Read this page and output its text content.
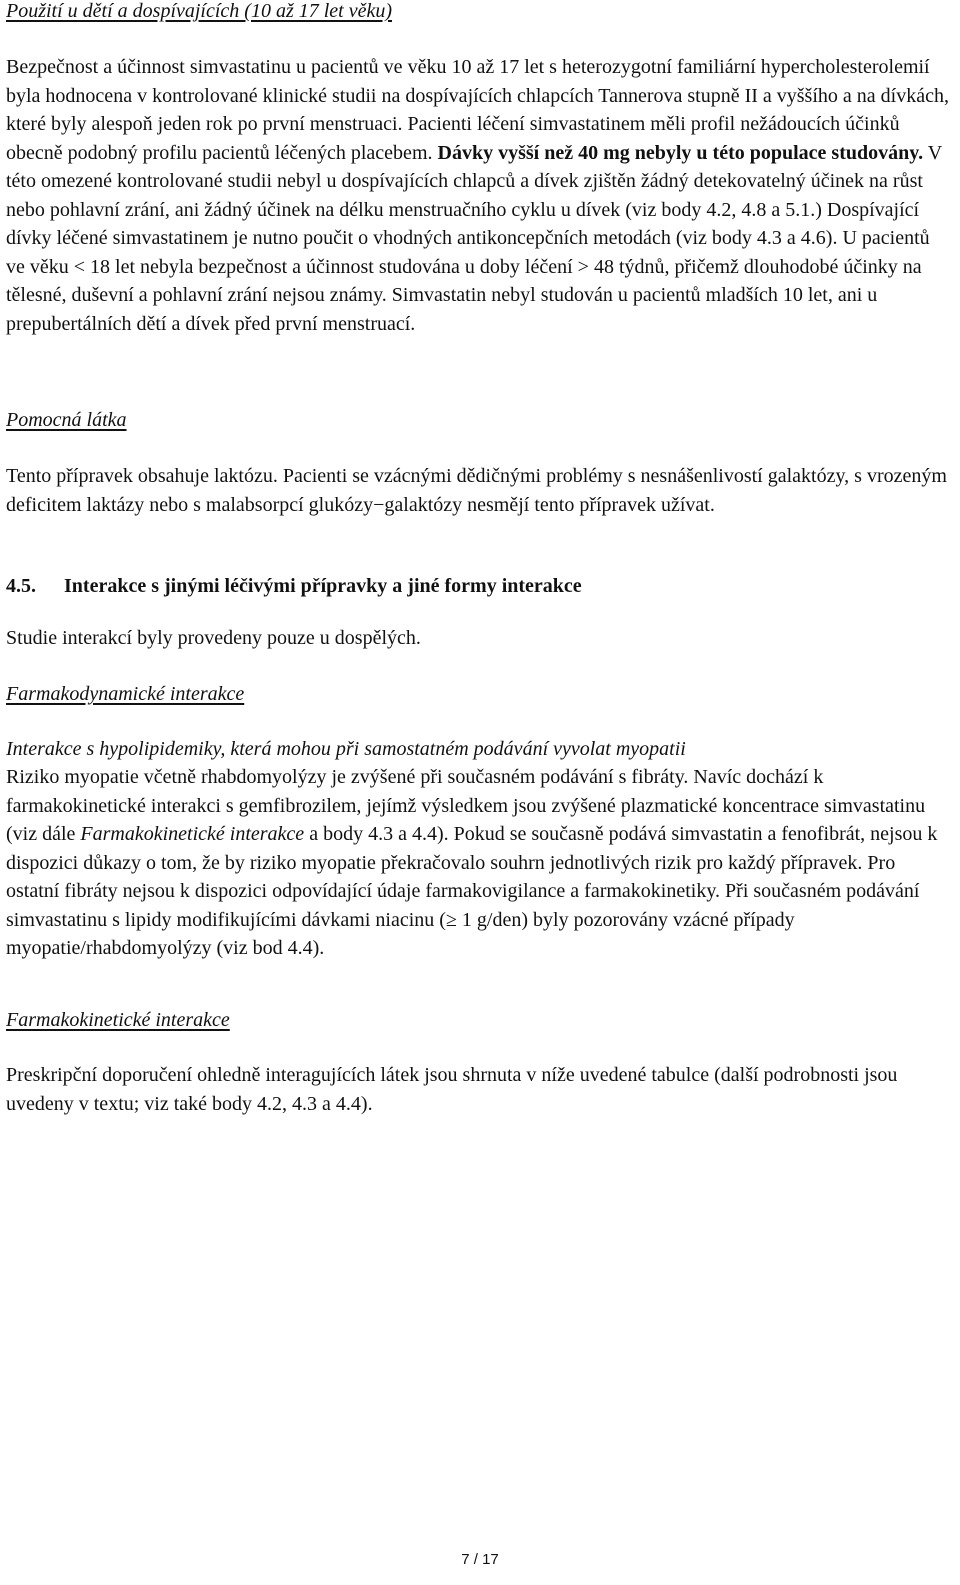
Použití u dětí a dospívajících (10 až 17 let věku)

Bezpečnost a účinnost simvastatinu u pacientů ve věku 10 až 17 let s heterozygotní familiární hypercholesterolemií byla hodnocena v kontrolované klinické studii na dospívajících chlapcích Tannerova stupně II a vyššího a na dívkách, které byly alespoň jeden rok po první menstruaci. Pacienti léčení simvastatinem měli profil nežádoucích účinků obecně podobný profilu pacientů léčených placebem. Dávky vyšší než 40 mg nebyly u této populace studovány. V této omezené kontrolované studii nebyl u dospívajících chlapců a dívek zjištěn žádný detekovatelný účinek na růst nebo pohlavní zrání, ani žádný účinek na délku menstruačního cyklu u dívek (viz body 4.2, 4.8 a 5.1.) Dospívající dívky léčené simvastatinem je nutno poučit o vhodných antikoncepčních metodách (viz body 4.3 a 4.6). U pacientů ve věku < 18 let nebyla bezpečnost a účinnost studována u doby léčení > 48 týdnů, přičemž dlouhodobé účinky na tělesné, duševní a pohlavní zrání nejsou známy. Simvastatin nebyl studován u pacientů mladších 10 let, ani u prepubertálních dětí a dívek před první menstruací.

Pomocná látka

Tento přípravek obsahuje laktózu. Pacienti se vzácnými dědičnými problémy s nesnášenlivostí galaktózy, s vrozeným deficitem laktázy nebo s malabsorpcí glukózy−galaktózy nesmějí tento přípravek užívat.

4.5. Interakce s jinými léčivými přípravky a jiné formy interakce

Studie interakcí byly provedeny pouze u dospělých.

Farmakodynamické interakce

Interakce s hypolipidemiky, která mohou při samostatném podávání vyvolat myopatii

Riziko myopatie včetně rhabdomyolýzy je zvýšené při současném podávání s fibráty. Navíc dochází k farmakokinetické interakci s gemfibrozilem, jejímž výsledkem jsou zvýšené plazmatické koncentrace simvastatinu (viz dále Farmakokinetické interakce a body 4.3 a 4.4). Pokud se současně podává simvastatin a fenofibrát, nejsou k dispozici důkazy o tom, že by riziko myopatie překračovalo souhrn jednotlivých rizik pro každý přípravek. Pro ostatní fibráty nejsou k dispozici odpovídající údaje farmakovigilance a farmakokinetiky. Při současném podávání simvastatinu s lipidy modifikujícími dávkami niacinu (≥ 1 g/den) byly pozorovány vzácné případy myopatie/rhabdomyolýzy (viz bod 4.4).

Farmakokinetické interakce

Preskripční doporučení ohledně interagujících látek jsou shrnuta v níže uvedené tabulce (další podrobnosti jsou uvedeny v textu; viz také body 4.2, 4.3 a 4.4).

7 / 17
